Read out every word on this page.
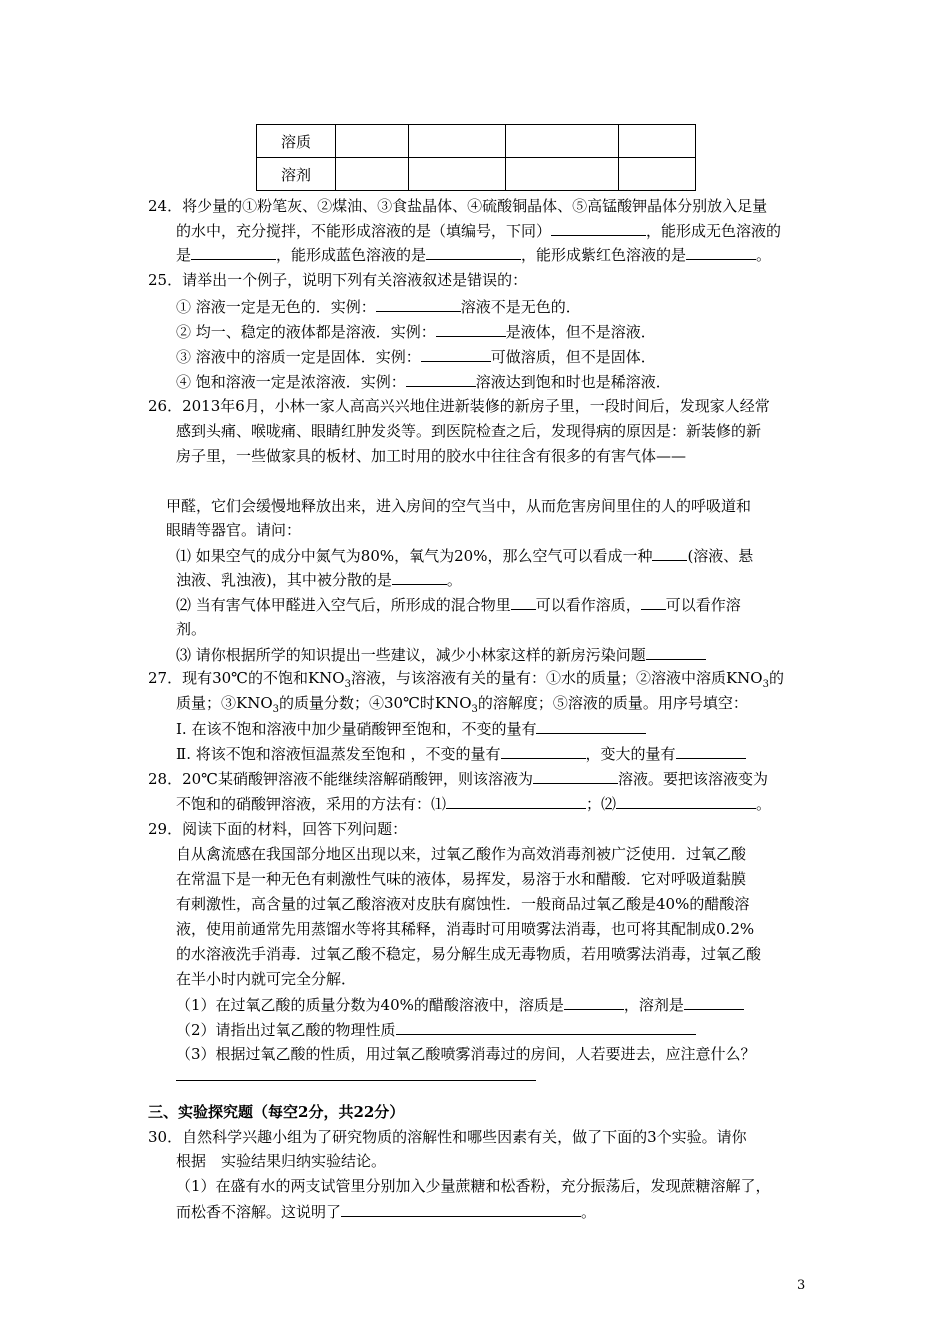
溶质				
溶剂				
24．将少量的①粉笔灰、②煤油、③食盐晶体、④硫酸铜晶体、⑤高锰酸钾晶体分别放入足量
的水中，充分搅拌，不能形成溶液的是（填编号，下同）	，能形成无色溶液的
是	，能形成蓝色溶液的是	，能形成紫红色溶液的是	。
25．请举出一个例子，说明下列有关溶液叙述是错误的：
① 溶液一定是无色的．实例：	溶液不是无色的．
② 均一、稳定的液体都是溶液．实例：	是液体，但不是溶液．
③ 溶液中的溶质一定是固体．实例：	可做溶质，但不是固体．
④ 饱和溶液一定是浓溶液．实例：	溶液达到饱和时也是稀溶液．
26．2013年6月，小林一家人高高兴兴地住进新装修的新房子里，一段时间后，发现家人经常
感到头痛、喉咙痛、眼睛红肿发炎等。到医院检查之后，发现得病的原因是：新装修的新
房子里，一些做家具的板材、加工时用的胶水中往往含有很多的有害气体——
甲醛，它们会缓慢地释放出来，进入房间的空气当中，从而危害房间里住的人的呼吸道和
眼睛等器官。请问：
⑴ 如果空气的成分中氮气为80%，氧气为20%，那么空气可以看成一种 (溶液、悬
浊液、乳浊液)，其中被分散的是	。
⑵ 当有害气体甲醛进入空气后，所形成的混合物里 可以看作溶质， 可以看作溶
剂。
⑶ 请你根据所学的知识提出一些建议，减少小林家这样的新房污染问题
27．现有30℃的不饱和$KNO_3$溶液，与该溶液有关的量有：①水的质量；②溶液中溶质$KNO_3$的
质量；$③KNO_3$的质量分数；④30℃时$KNO_3$的溶解度；⑤溶液的质量。用序号填空：
Ⅰ. 在该不饱和溶液中加少量硝酸钾至饱和，不变的量有
Ⅱ. 将该不饱和溶液恒温蒸发至饱和 ，不变的量有	，变大的量有
28．20℃某硝酸钾溶液不能继续溶解硝酸钾，则该溶液为	溶液。要把该溶液变为
不饱和的硝酸钾溶液，采用的方法有：⑴	；⑵	。
29．阅读下面的材料，回答下列问题：
自从禽流感在我国部分地区出现以来，过氧乙酸作为高效消毒剂被广泛使用．过氧乙酸
在常温下是一种无色有刺激性气味的液体，易挥发，易溶于水和醋酸．它对呼吸道黏膜
有刺激性，高含量的过氧乙酸溶液对皮肤有腐蚀性．一般商品过氧乙酸是40%的醋酸溶
液，使用前通常先用蒸馏水等将其稀释，消毒时可用喷雾法消毒，也可将其配制成0.2%
的水溶液洗手消毒．过氧乙酸不稳定，易分解生成无毒物质，若用喷雾法消毒，过氧乙酸
在半小时内就可完全分解．
（1）在过氧乙酸的质量分数为40%的醋酸溶液中，溶质是	，溶剂是
（2）请指出过氧乙酸的物理性质
（3）根据过氧乙酸的性质，用过氧乙酸喷雾消毒过的房间，人若要进去，应注意什么？
三、实验探究题（每空2分，共22分）
30．自然科学兴趣小组为了研究物质的溶解性和哪些因素有关，做了下面的3个实验。请你
根据　实验结果归纳实验结论。
（1）在盛有水的两支试管里分别加入少量蔗糖和松香粉，充分振荡后，发现蔗糖溶解了，
而松香不溶解。这说明了	。
3
